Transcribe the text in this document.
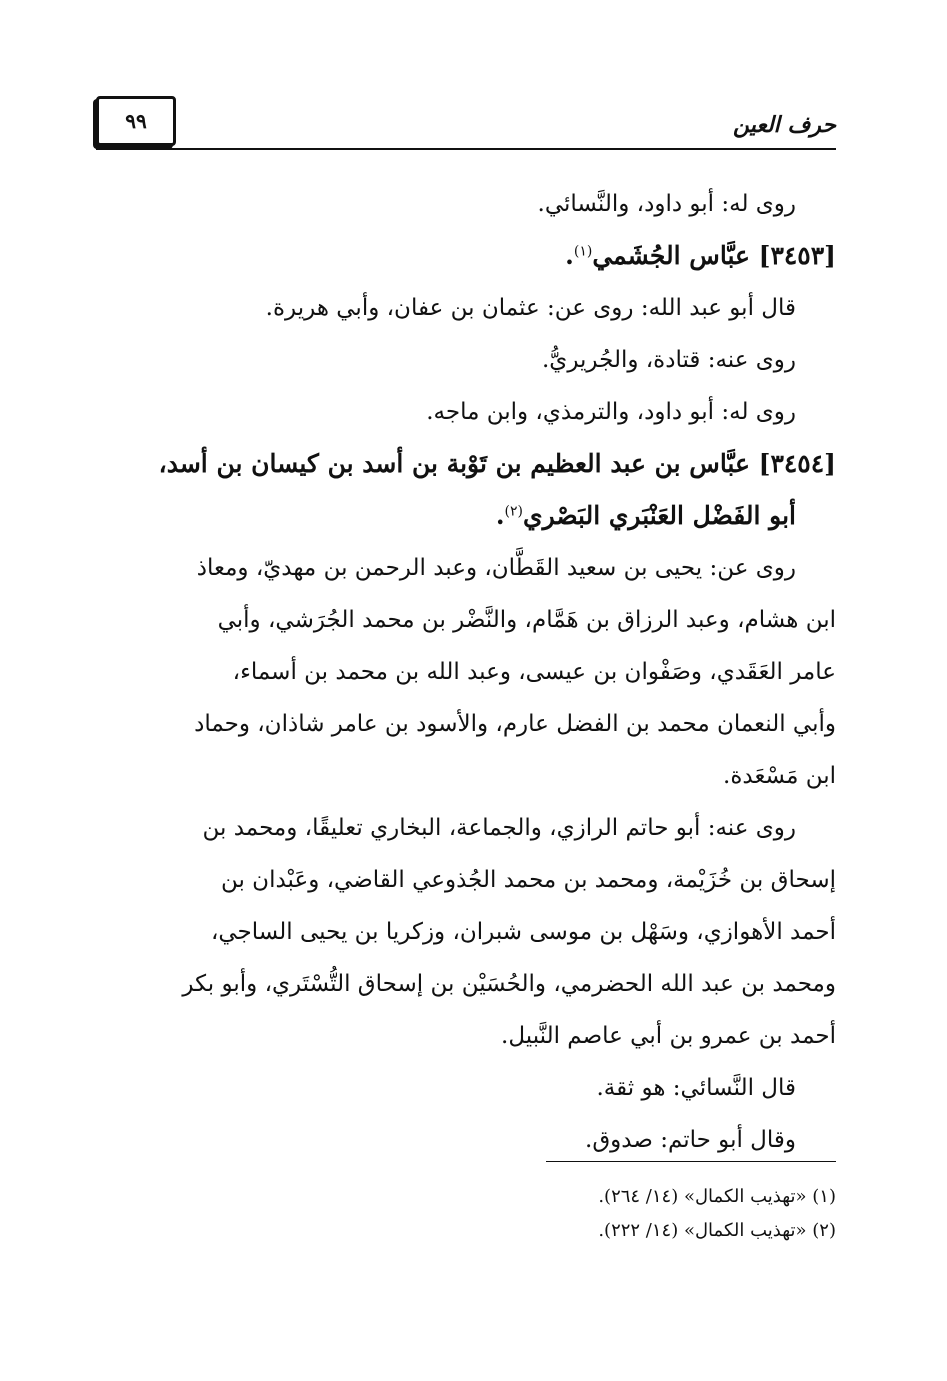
حرف العين
٩٩
روى له: أبو داود، والنَّسائي.
[٣٤٥٣] عبَّاس الجُشَمي$^{(١)}$.
قال أبو عبد الله: روى عن: عثمان بن عفان، وأبي هريرة.
روى عنه: قتادة، والجُريريُّ.
روى له: أبو داود، والترمذي، وابن ماجه.
[٣٤٥٤] عبَّاس بن عبد العظيم بن تَوْبة بن أسد بن كيسان بن أسد،
أبو الفَضْل العَنْبَري البَصْري$^{(٢)}$.
روى عن: يحيى بن سعيد القَطَّان، وعبد الرحمن بن مهديّ، ومعاذ
ابن هشام، وعبد الرزاق بن هَمَّام، والنَّضْر بن محمد الجُرَشي، وأبي
عامر العَقَدي، وصَفْوان بن عيسى، وعبد الله بن محمد بن أسماء،
وأبي النعمان محمد بن الفضل عارم، والأسود بن عامر شاذان، وحماد
ابن مَسْعَدة.
روى عنه: أبو حاتم الرازي، والجماعة، البخاري تعليقًا، ومحمد بن
إسحاق بن خُزَيْمة، ومحمد بن محمد الجُذوعي القاضي، وعَبْدان بن
أحمد الأهوازي، وسَهْل بن موسى شبران، وزكريا بن يحيى الساجي،
ومحمد بن عبد الله الحضرمي، والحُسَيْن بن إسحاق التُّسْتَري، وأبو بكر
أحمد بن عمرو بن أبي عاصم النَّبيل.
قال النَّسائي: هو ثقة.
وقال أبو حاتم: صدوق.
(١) «تهذيب الكمال» (١٤/ ٢٦٤).
(٢) «تهذيب الكمال» (١٤/ ٢٢٢).
